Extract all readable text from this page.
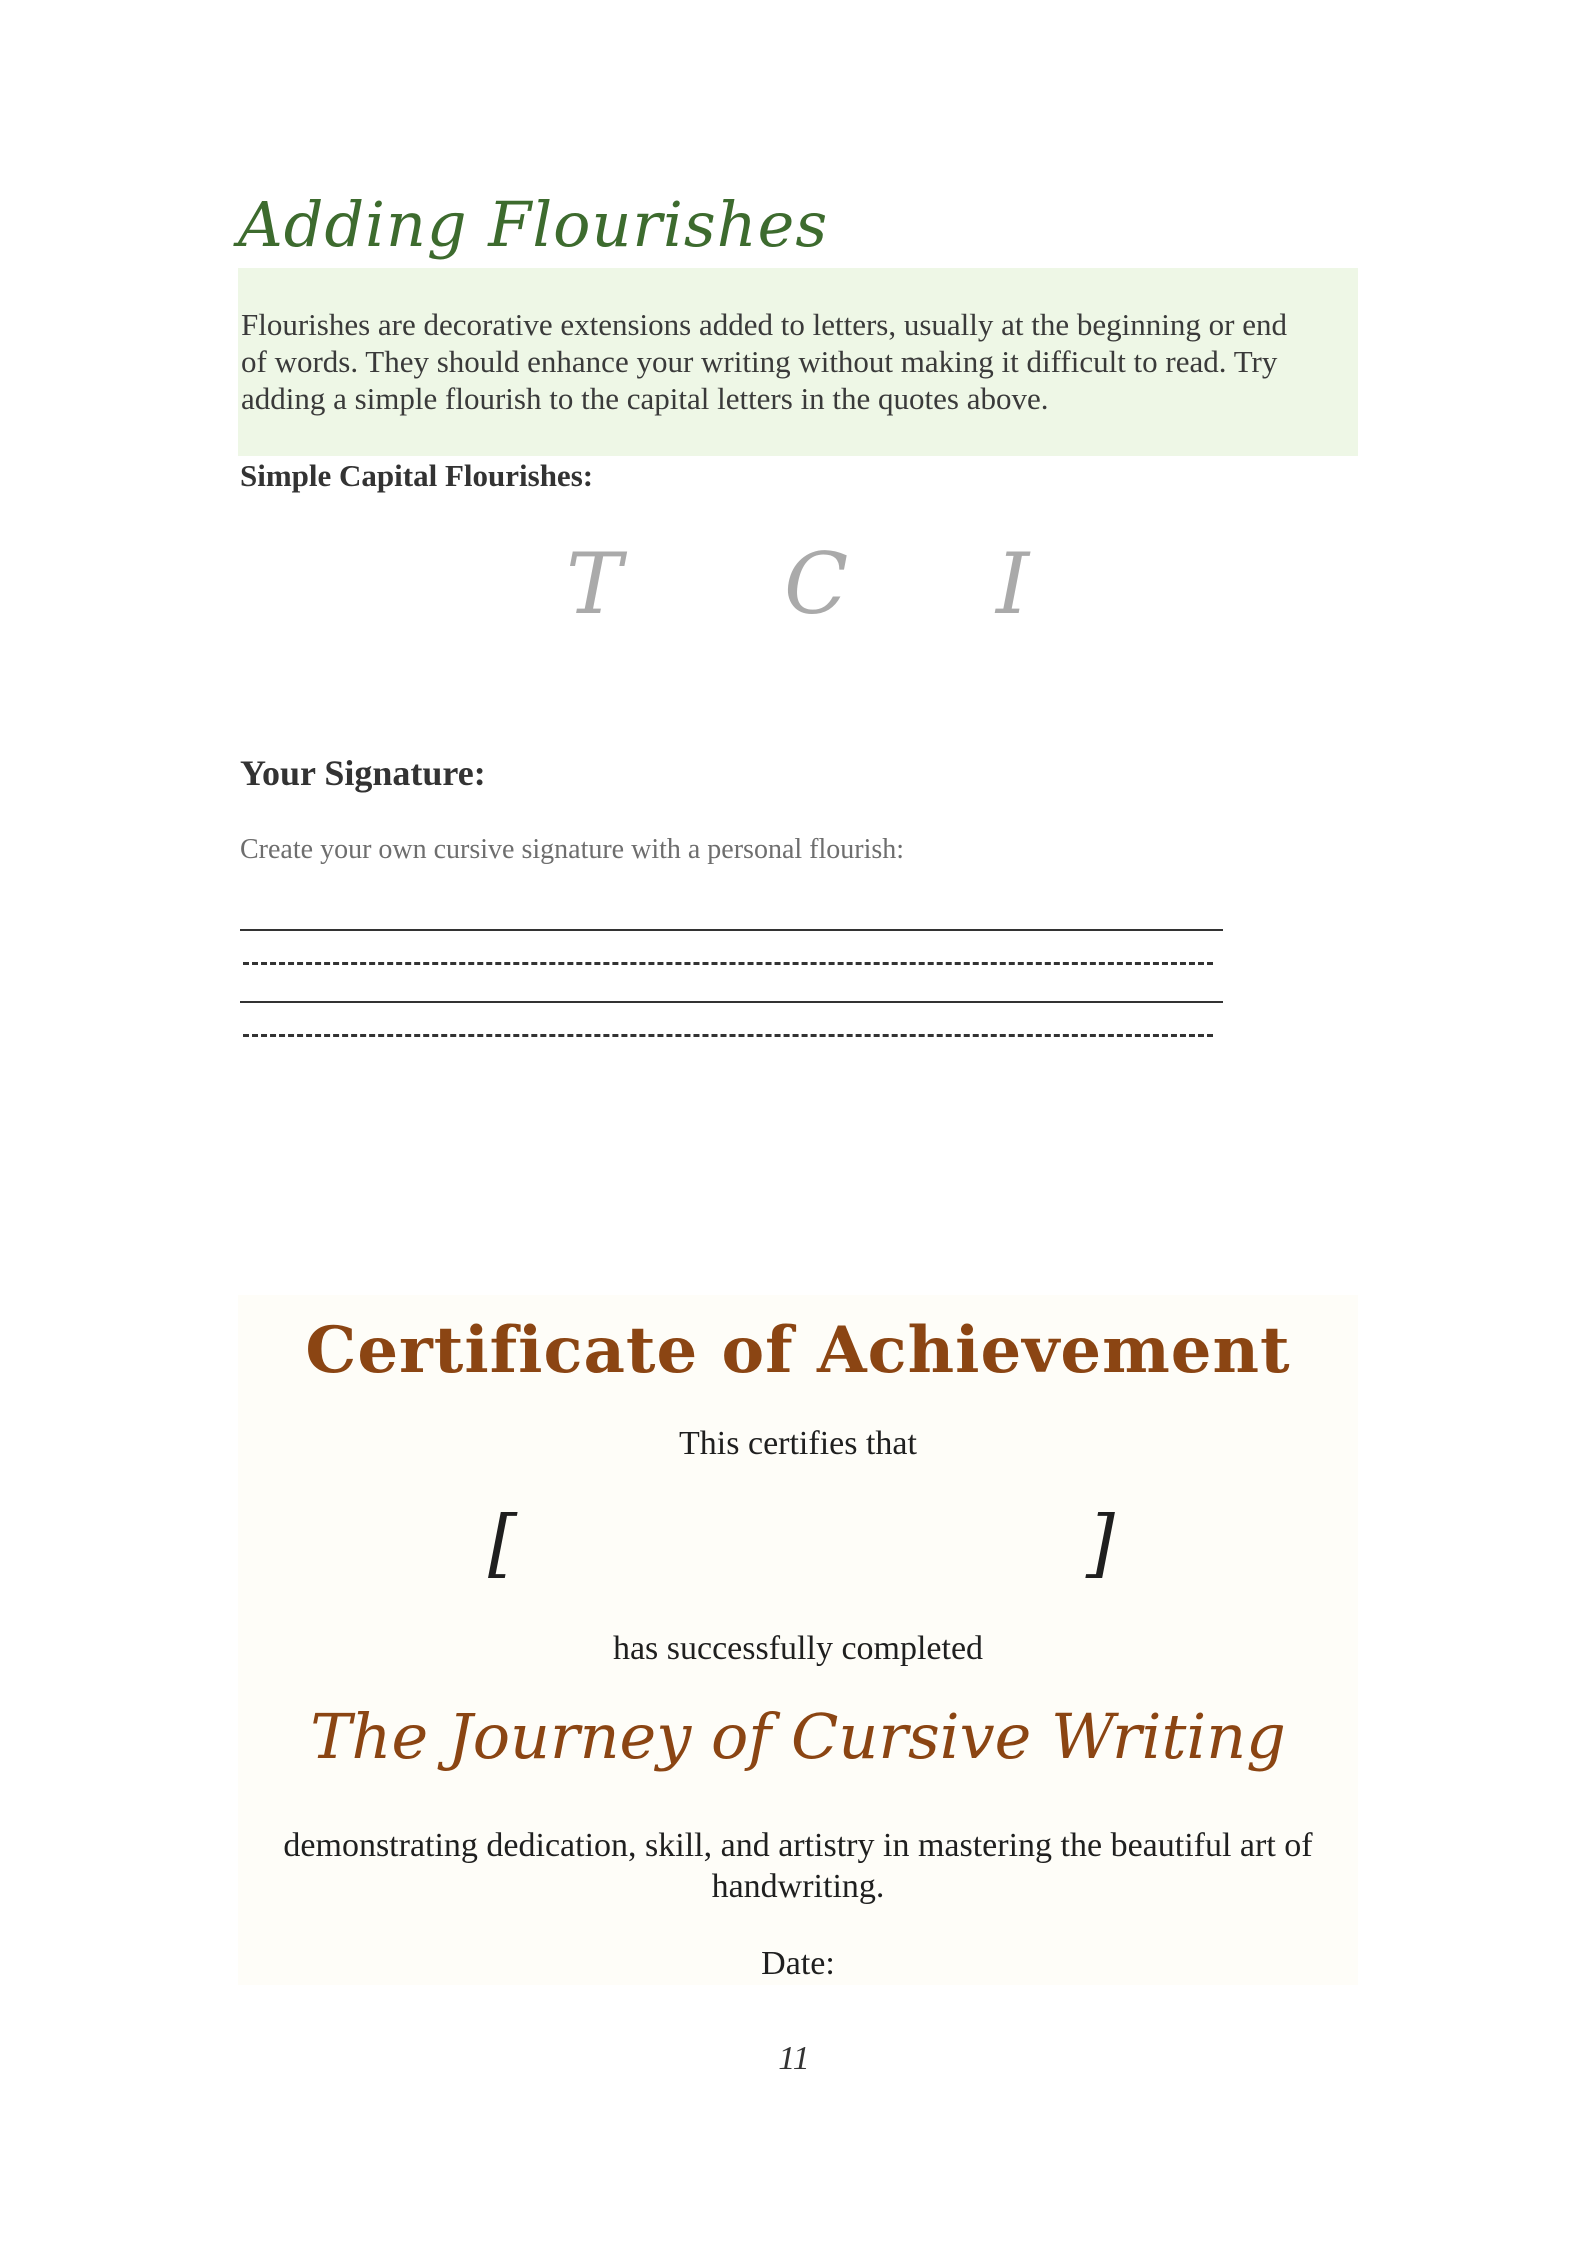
Adding Flourishes

Flourishes are decorative extensions added to letters, usually at the beginning or end

of words. They should enhance your writing without making it difficult to read. Try

adding a simple flourish to the capital letters in the quotes above.

Simple Capital Flourishes:

T C I
Your Signature:

Create your own cursive signature with a personal flourish:

Certificate of Achievement

This certifies that

[	]

has successfully completed

The Journey of Cursive Writing

demonstrating dedication, skill, and artistry in mastering the beautiful art of

handwriting.

Date:

11
